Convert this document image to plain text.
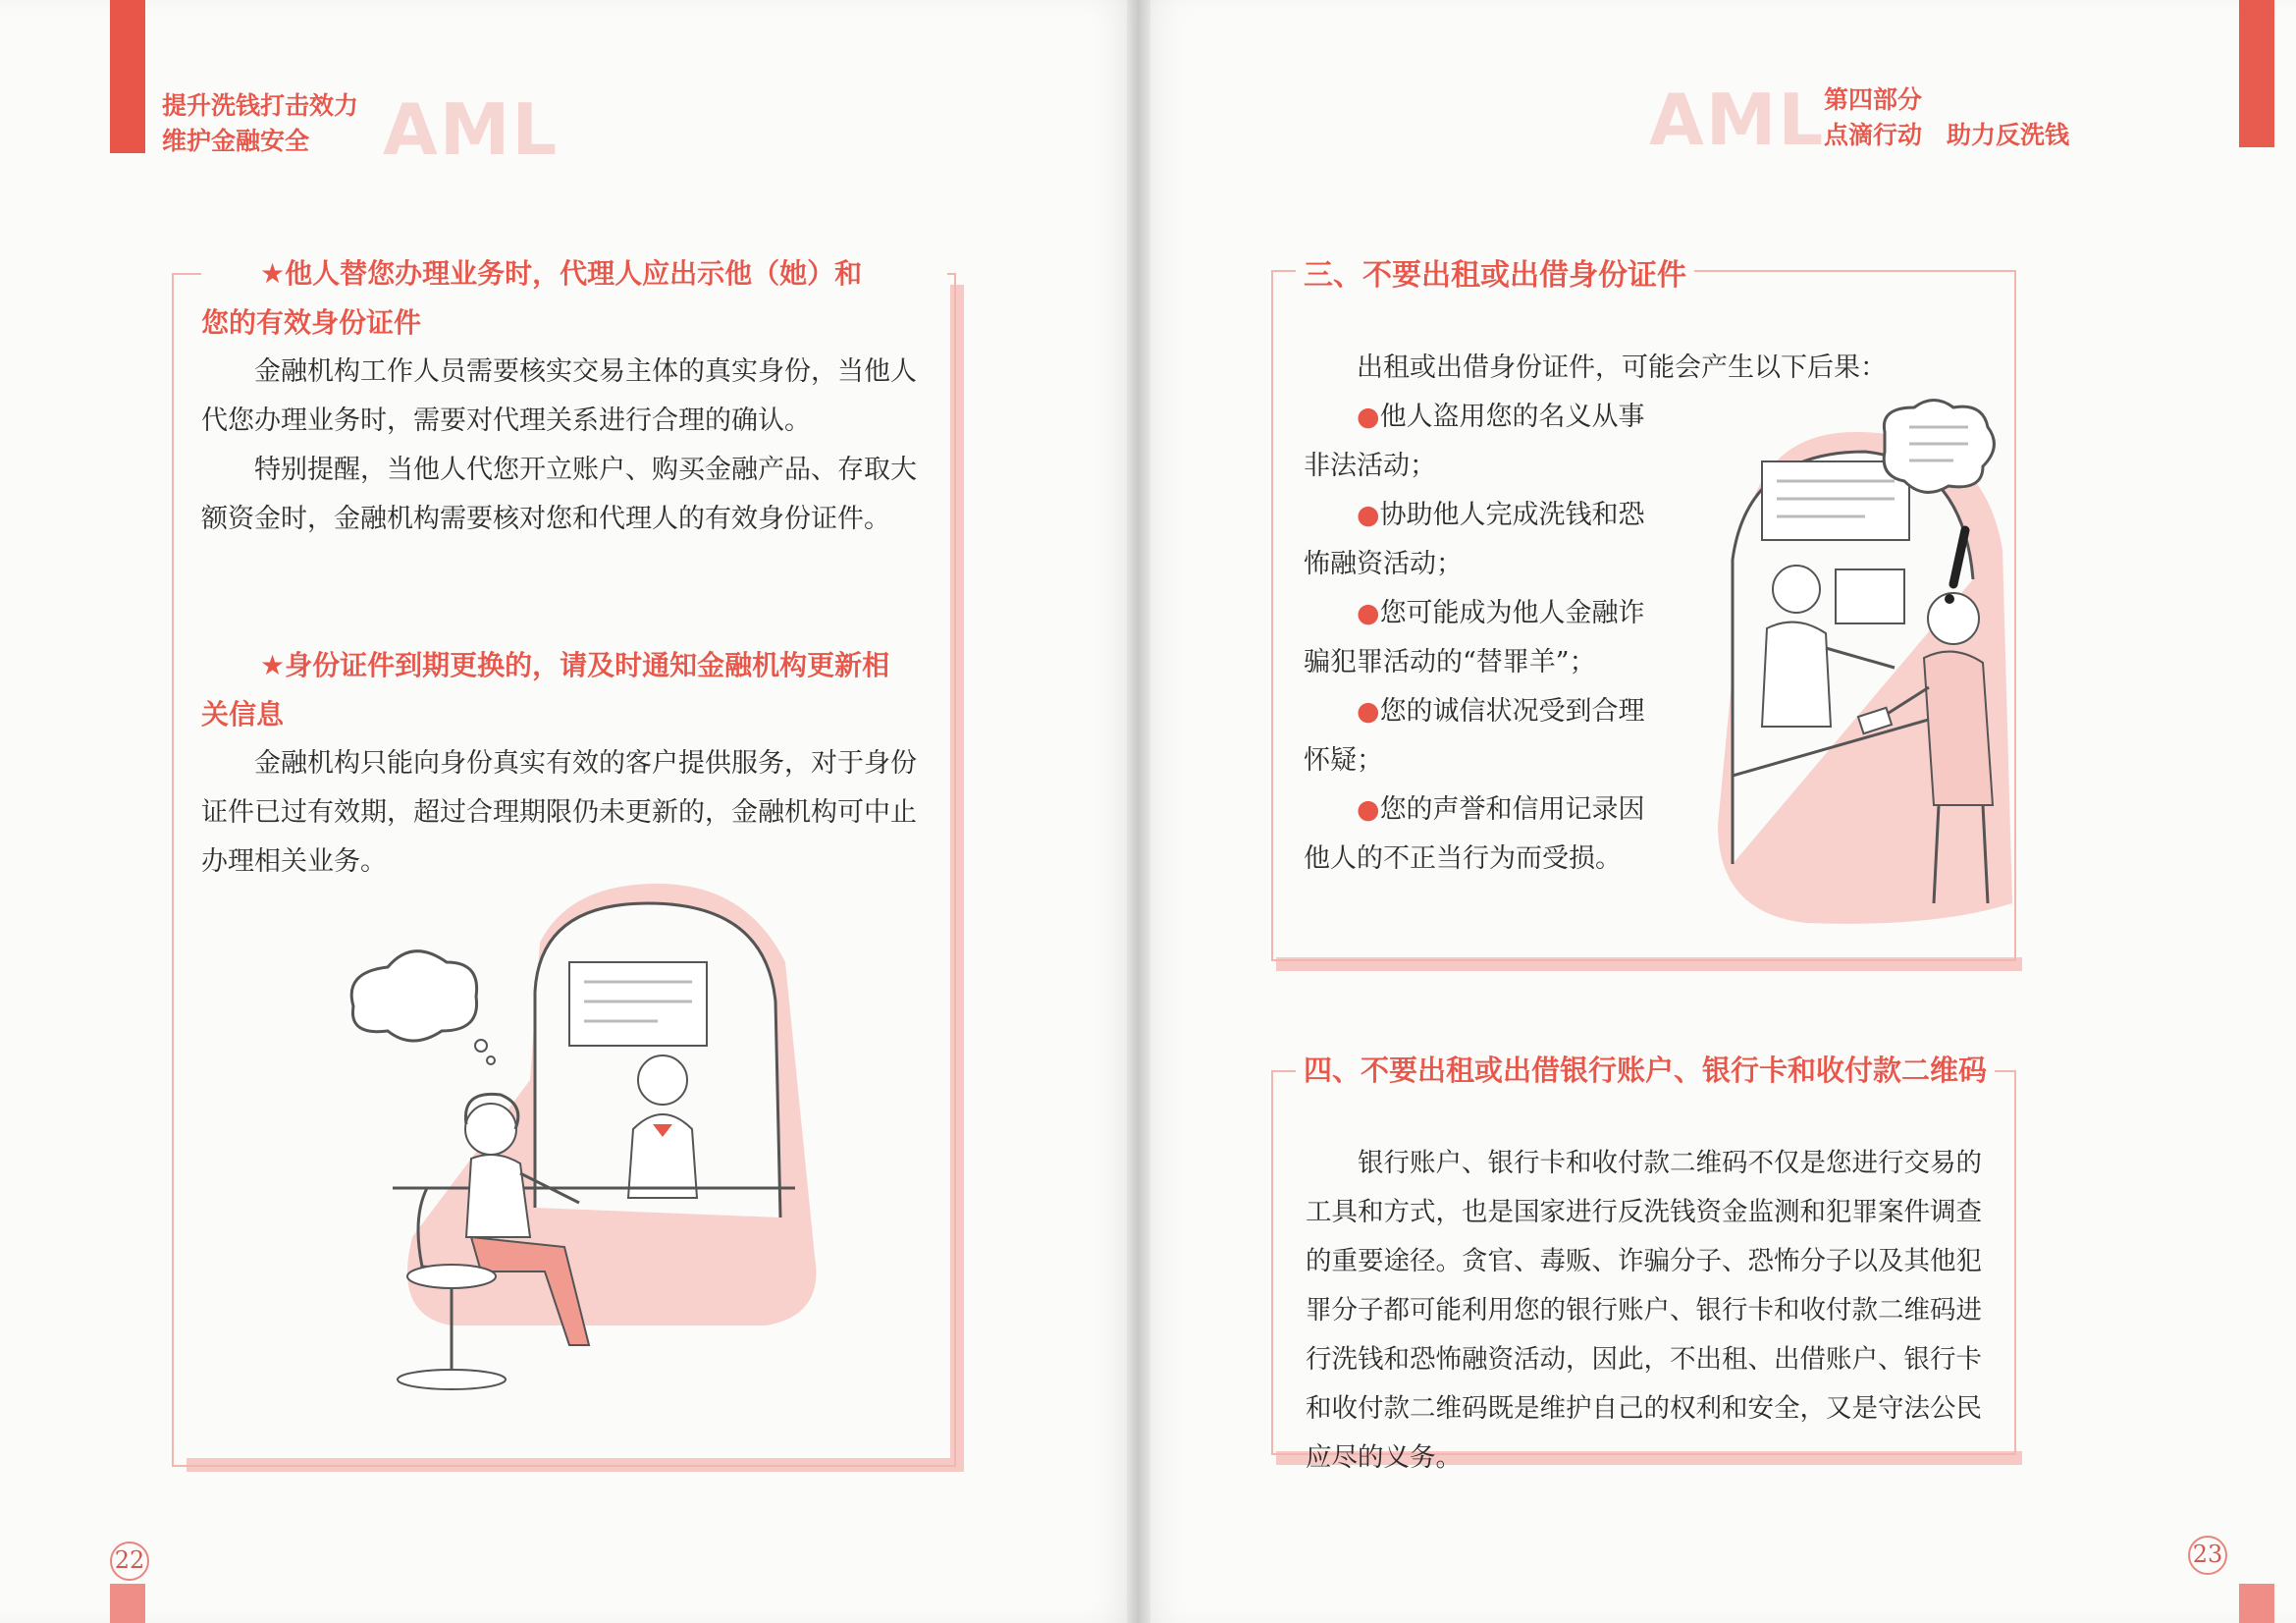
提升洗钱打击效力
维护金融安全	AML
★他人替您办理业务时，代理人应出示他（她）和
您的有效身份证件

金融机构工作人员需要核实交易主体的真实身份，当他人代您办理业务时，需要对代理关系进行合理的确认。

特别提醒，当他人代您开立账户、购买金融产品、存取大额资金时，金融机构需要核对您和代理人的有效身份证件。

★身份证件到期更换的，请及时通知金融机构更新相
关信息

金融机构只能向身份真实有效的客户提供服务，对于身份证件已过有效期，超过合理期限仍未更新的，金融机构可中止办理相关业务。

22
AML
第四部分
点滴行动　助力反洗钱
三、不要出租或出借身份证件

出租或出借身份证件，可能会产生以下后果：

●他人盗用您的名义从事

非法活动；

●协助他人完成洗钱和恐

怖融资活动；

●您可能成为他人金融诈

骗犯罪活动的“替罪羊”；

●您的诚信状况受到合理

怀疑；

●您的声誉和信用记录因

他人的不正当行为而受损。

四、不要出租或出借银行账户、银行卡和收付款二维码

银行账户、银行卡和收付款二维码不仅是您进行交易的工具和方式，也是国家进行反洗钱资金监测和犯罪案件调查的重要途径。贪官、毒贩、诈骗分子、恐怖分子以及其他犯罪分子都可能利用您的银行账户、银行卡和收付款二维码进行洗钱和恐怖融资活动，因此，不出租、出借账户、银行卡和收付款二维码既是维护自己的权利和安全，又是守法公民应尽的义务。

23
